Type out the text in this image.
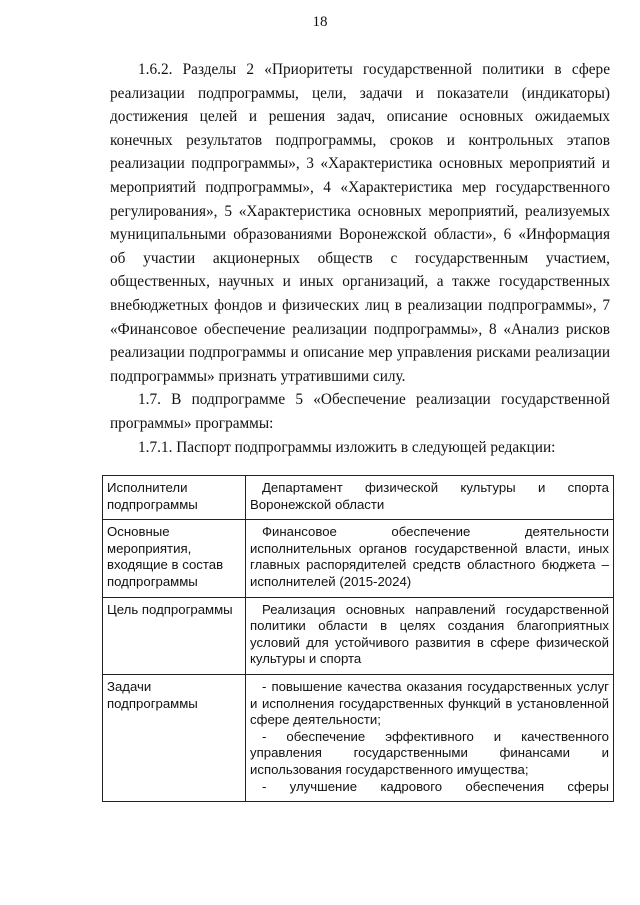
18

1.6.2. Разделы 2 «Приоритеты государственной политики в сфере реализации подпрограммы, цели, задачи и показатели (индикаторы) достижения целей и решения задач, описание основных ожидаемых конечных результатов подпрограммы, сроков и контрольных этапов реализации подпрограммы», 3 «Характеристика основных мероприятий и мероприятий подпрограммы», 4 «Характеристика мер государственного регулирования», 5 «Характеристика основных мероприятий, реализуемых муниципальными образованиями Воронежской области», 6 «Информация об участии акционерных обществ с государственным участием, общественных, научных и иных организаций, а также государственных внебюджетных фондов и физических лиц в реализации подпрограммы», 7 «Финансовое обеспечение реализации подпрограммы», 8 «Анализ рисков реализации подпрограммы и описание мер управления рисками реализации подпрограммы» признать утратившими силу.

1.7. В подпрограмме 5 «Обеспечение реализации государственной программы» программы:

1.7.1. Паспорт подпрограммы изложить в следующей редакции:

Исполнители подпрограммы	Департамент физической культуры и спорта Воронежской области

Основные мероприятия, входящие в состав подпрограммы	Финансовое обеспечение деятельности исполнительных органов государственной власти, иных главных распорядителей средств областного бюджета – исполнителей (2015-2024)

Цель подпрограммы	Реализация основных направлений государственной политики области в целях создания благоприятных условий для устойчивого развития в сфере физической культуры и спорта

Задачи подпрограммы	- повышение качества оказания государственных услуг и исполнения государственных функций в установленной сфере деятельности;
- обеспечение эффективного и качественного управления государственными финансами и использования государственного имущества;
- улучшение кадрового обеспечения сферы
